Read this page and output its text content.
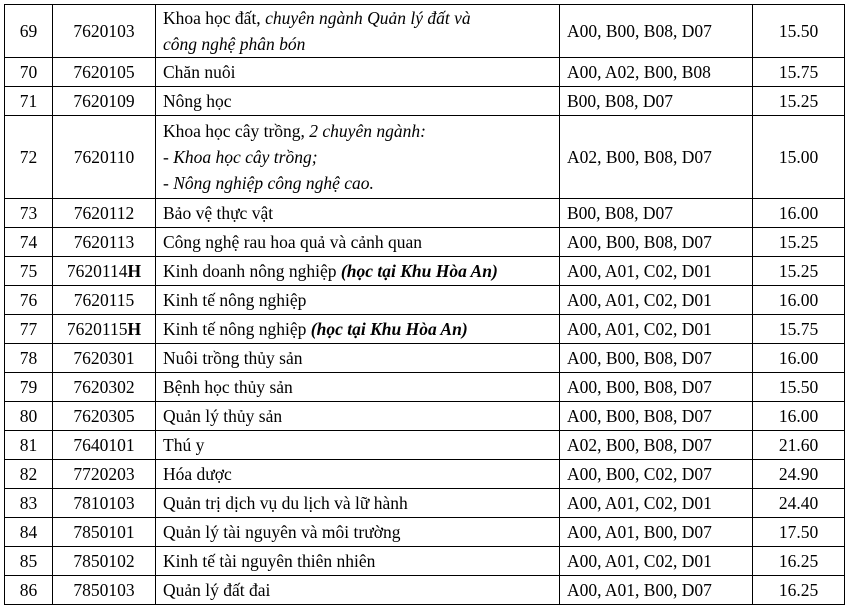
69	7620103	Khoa học đất, chuyên ngành Quản lý đất và
công nghệ phân bón	A00, B00, B08, D07	15.50
70	7620105	Chăn nuôi	A00, A02, B00, B08	15.75
71	7620109	Nông học	B00, B08, D07	15.25
72	7620110	Khoa học cây trồng, 2 chuyên ngành:
- Khoa học cây trồng;
- Nông nghiệp công nghệ cao.	A02, B00, B08, D07	15.00
73	7620112	Bảo vệ thực vật	B00, B08, D07	16.00
74	7620113	Công nghệ rau hoa quả và cảnh quan	A00, B00, B08, D07	15.25
75	7620114H	Kinh doanh nông nghiệp (học tại Khu Hòa An)	A00, A01, C02, D01	15.25
76	7620115	Kinh tế nông nghiệp	A00, A01, C02, D01	16.00
77	7620115H	Kinh tế nông nghiệp (học tại Khu Hòa An)	A00, A01, C02, D01	15.75
78	7620301	Nuôi trồng thủy sản	A00, B00, B08, D07	16.00
79	7620302	Bệnh học thủy sản	A00, B00, B08, D07	15.50
80	7620305	Quản lý thủy sản	A00, B00, B08, D07	16.00
81	7640101	Thú y	A02, B00, B08, D07	21.60
82	7720203	Hóa dược	A00, B00, C02, D07	24.90
83	7810103	Quản trị dịch vụ du lịch và lữ hành	A00, A01, C02, D01	24.40
84	7850101	Quản lý tài nguyên và môi trường	A00, A01, B00, D07	17.50
85	7850102	Kinh tế tài nguyên thiên nhiên	A00, A01, C02, D01	16.25
86	7850103	Quản lý đất đai	A00, A01, B00, D07	16.25
